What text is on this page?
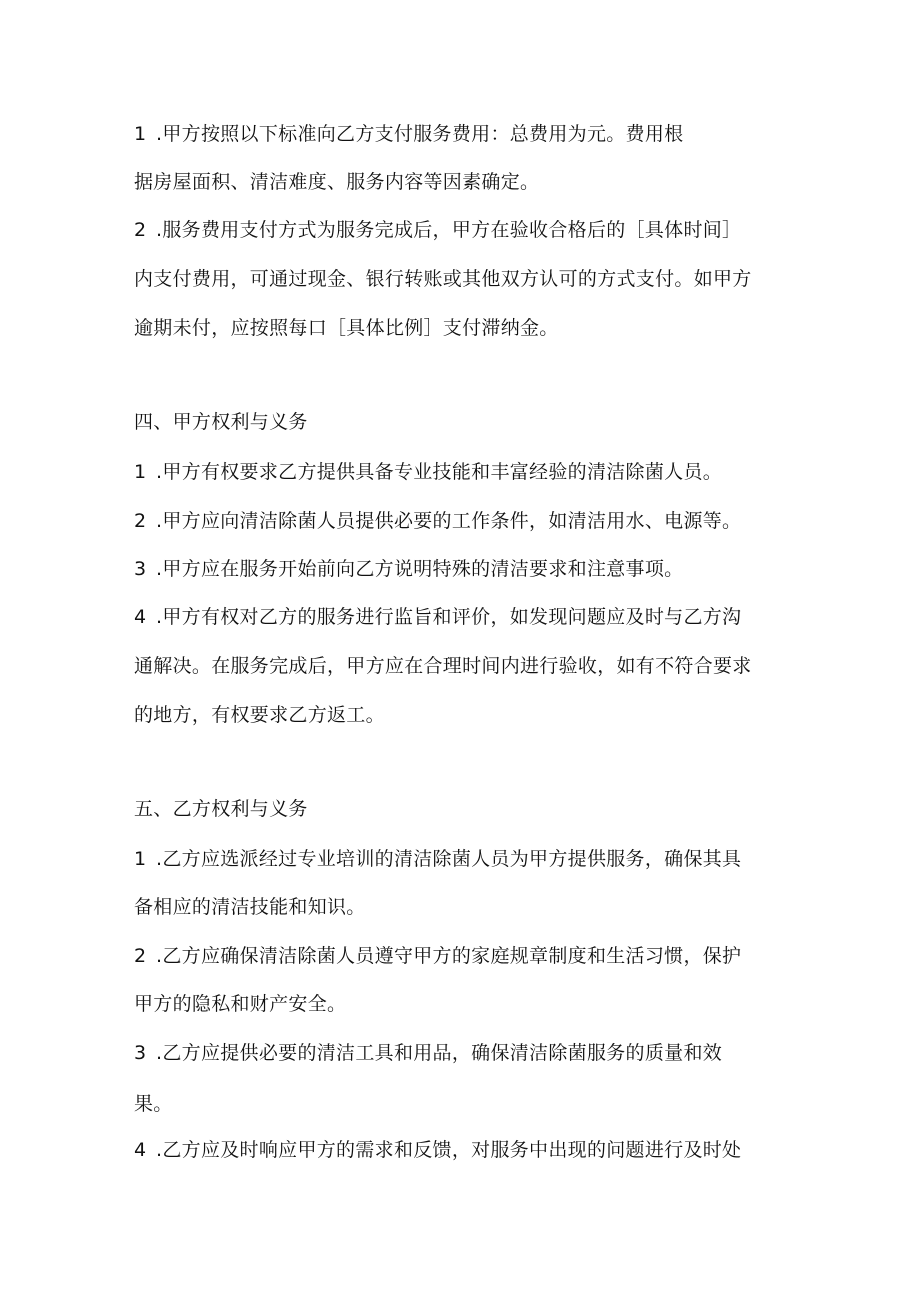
1 .甲方按照以下标准向乙方支付服务费用：总费用为元。费用根
据房屋面积、清洁难度、服务内容等因素确定。
2 .服务费用支付方式为服务完成后，甲方在验收合格后的［具体时间］
内支付费用，可通过现金、银行转账或其他双方认可的方式支付。如甲方
逾期未付，应按照每口［具体比例］支付滞纳金。
四、甲方权利与义务
1 .甲方有权要求乙方提供具备专业技能和丰富经验的清洁除菌人员。
2 .甲方应向清洁除菌人员提供必要的工作条件，如清洁用水、电源等。
3 .甲方应在服务开始前向乙方说明特殊的清洁要求和注意事项。
4 .甲方有权对乙方的服务进行监旨和评价，如发现问题应及时与乙方沟
通解决。在服务完成后，甲方应在合理时间内进行验收，如有不符合要求
的地方，有权要求乙方返工。
五、乙方权利与义务
1 .乙方应选派经过专业培训的清洁除菌人员为甲方提供服务，确保其具
备相应的清洁技能和知识。
2 .乙方应确保清洁除菌人员遵守甲方的家庭规章制度和生活习惯，保护
甲方的隐私和财产安全。
3 .乙方应提供必要的清洁工具和用品，确保清洁除菌服务的质量和效
果。
4 .乙方应及时响应甲方的需求和反馈，对服务中出现的问题进行及时处
